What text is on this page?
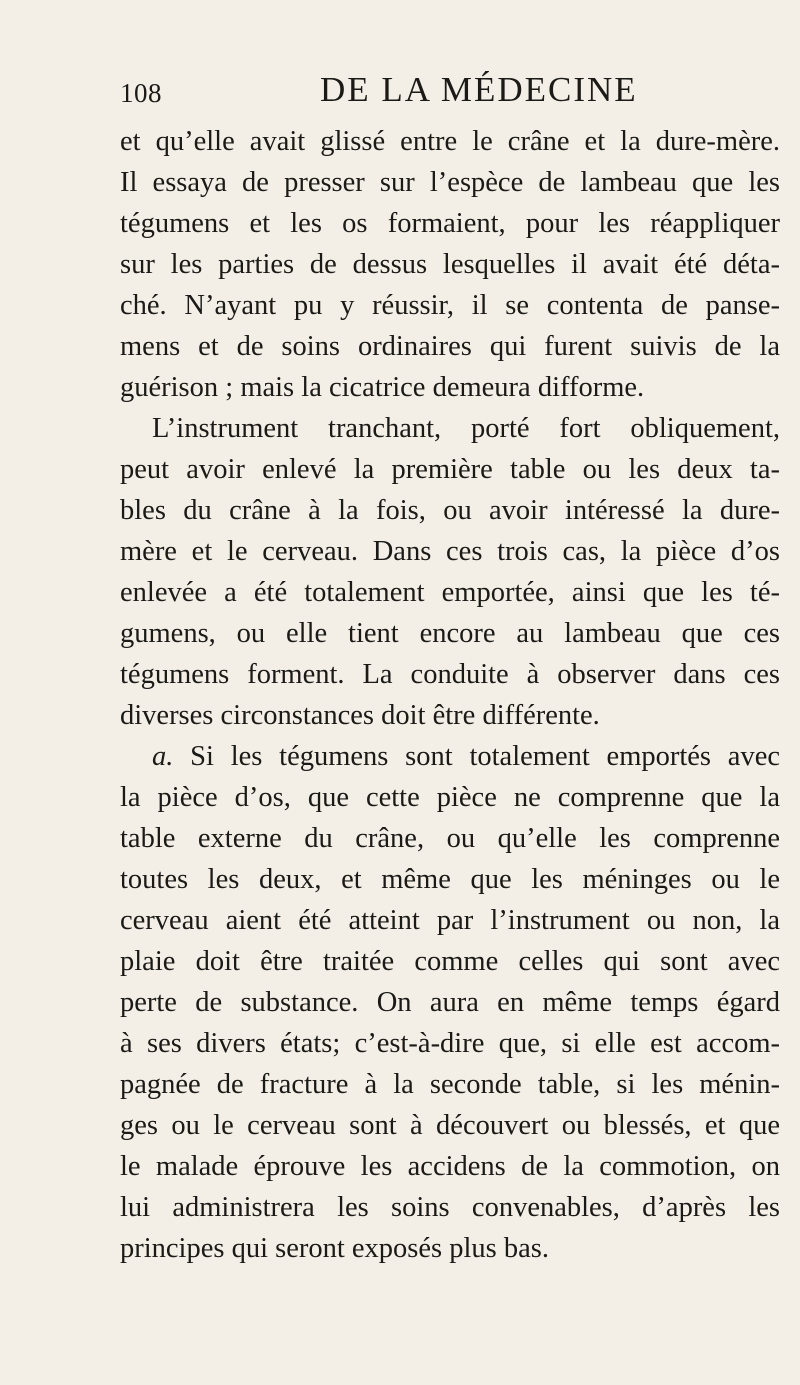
108	DE LA MÉDECINE
et qu’elle avait glissé entre le crâne et la dure-mère.
Il essaya de presser sur l’espèce de lambeau que les
tégumens et les os formaient, pour les réappliquer
sur les parties de dessus lesquelles il avait été déta-
ché. N’ayant pu y réussir, il se contenta de panse-
mens et de soins ordinaires qui furent suivis de la
guérison ; mais la cicatrice demeura difforme.
L’instrument tranchant, porté fort obliquement,
peut avoir enlevé la première table ou les deux ta-
bles du crâne à la fois, ou avoir intéressé la dure-
mère et le cerveau. Dans ces trois cas, la pièce d’os
enlevée a été totalement emportée, ainsi que les té-
gumens, ou elle tient encore au lambeau que ces
tégumens forment. La conduite à observer dans ces
diverses circonstances doit être différente.
a. Si les tégumens sont totalement emportés avec
la pièce d’os, que cette pièce ne comprenne que la
table externe du crâne, ou qu’elle les comprenne
toutes les deux, et même que les méninges ou le
cerveau aient été atteint par l’instrument ou non, la
plaie doit être traitée comme celles qui sont avec
perte de substance. On aura en même temps égard
à ses divers états; c’est-à-dire que, si elle est accom-
pagnée de fracture à la seconde table, si les ménin-
ges ou le cerveau sont à découvert ou blessés, et que
le malade éprouve les accidens de la commotion, on
lui administrera les soins convenables, d’après les
principes qui seront exposés plus bas.
